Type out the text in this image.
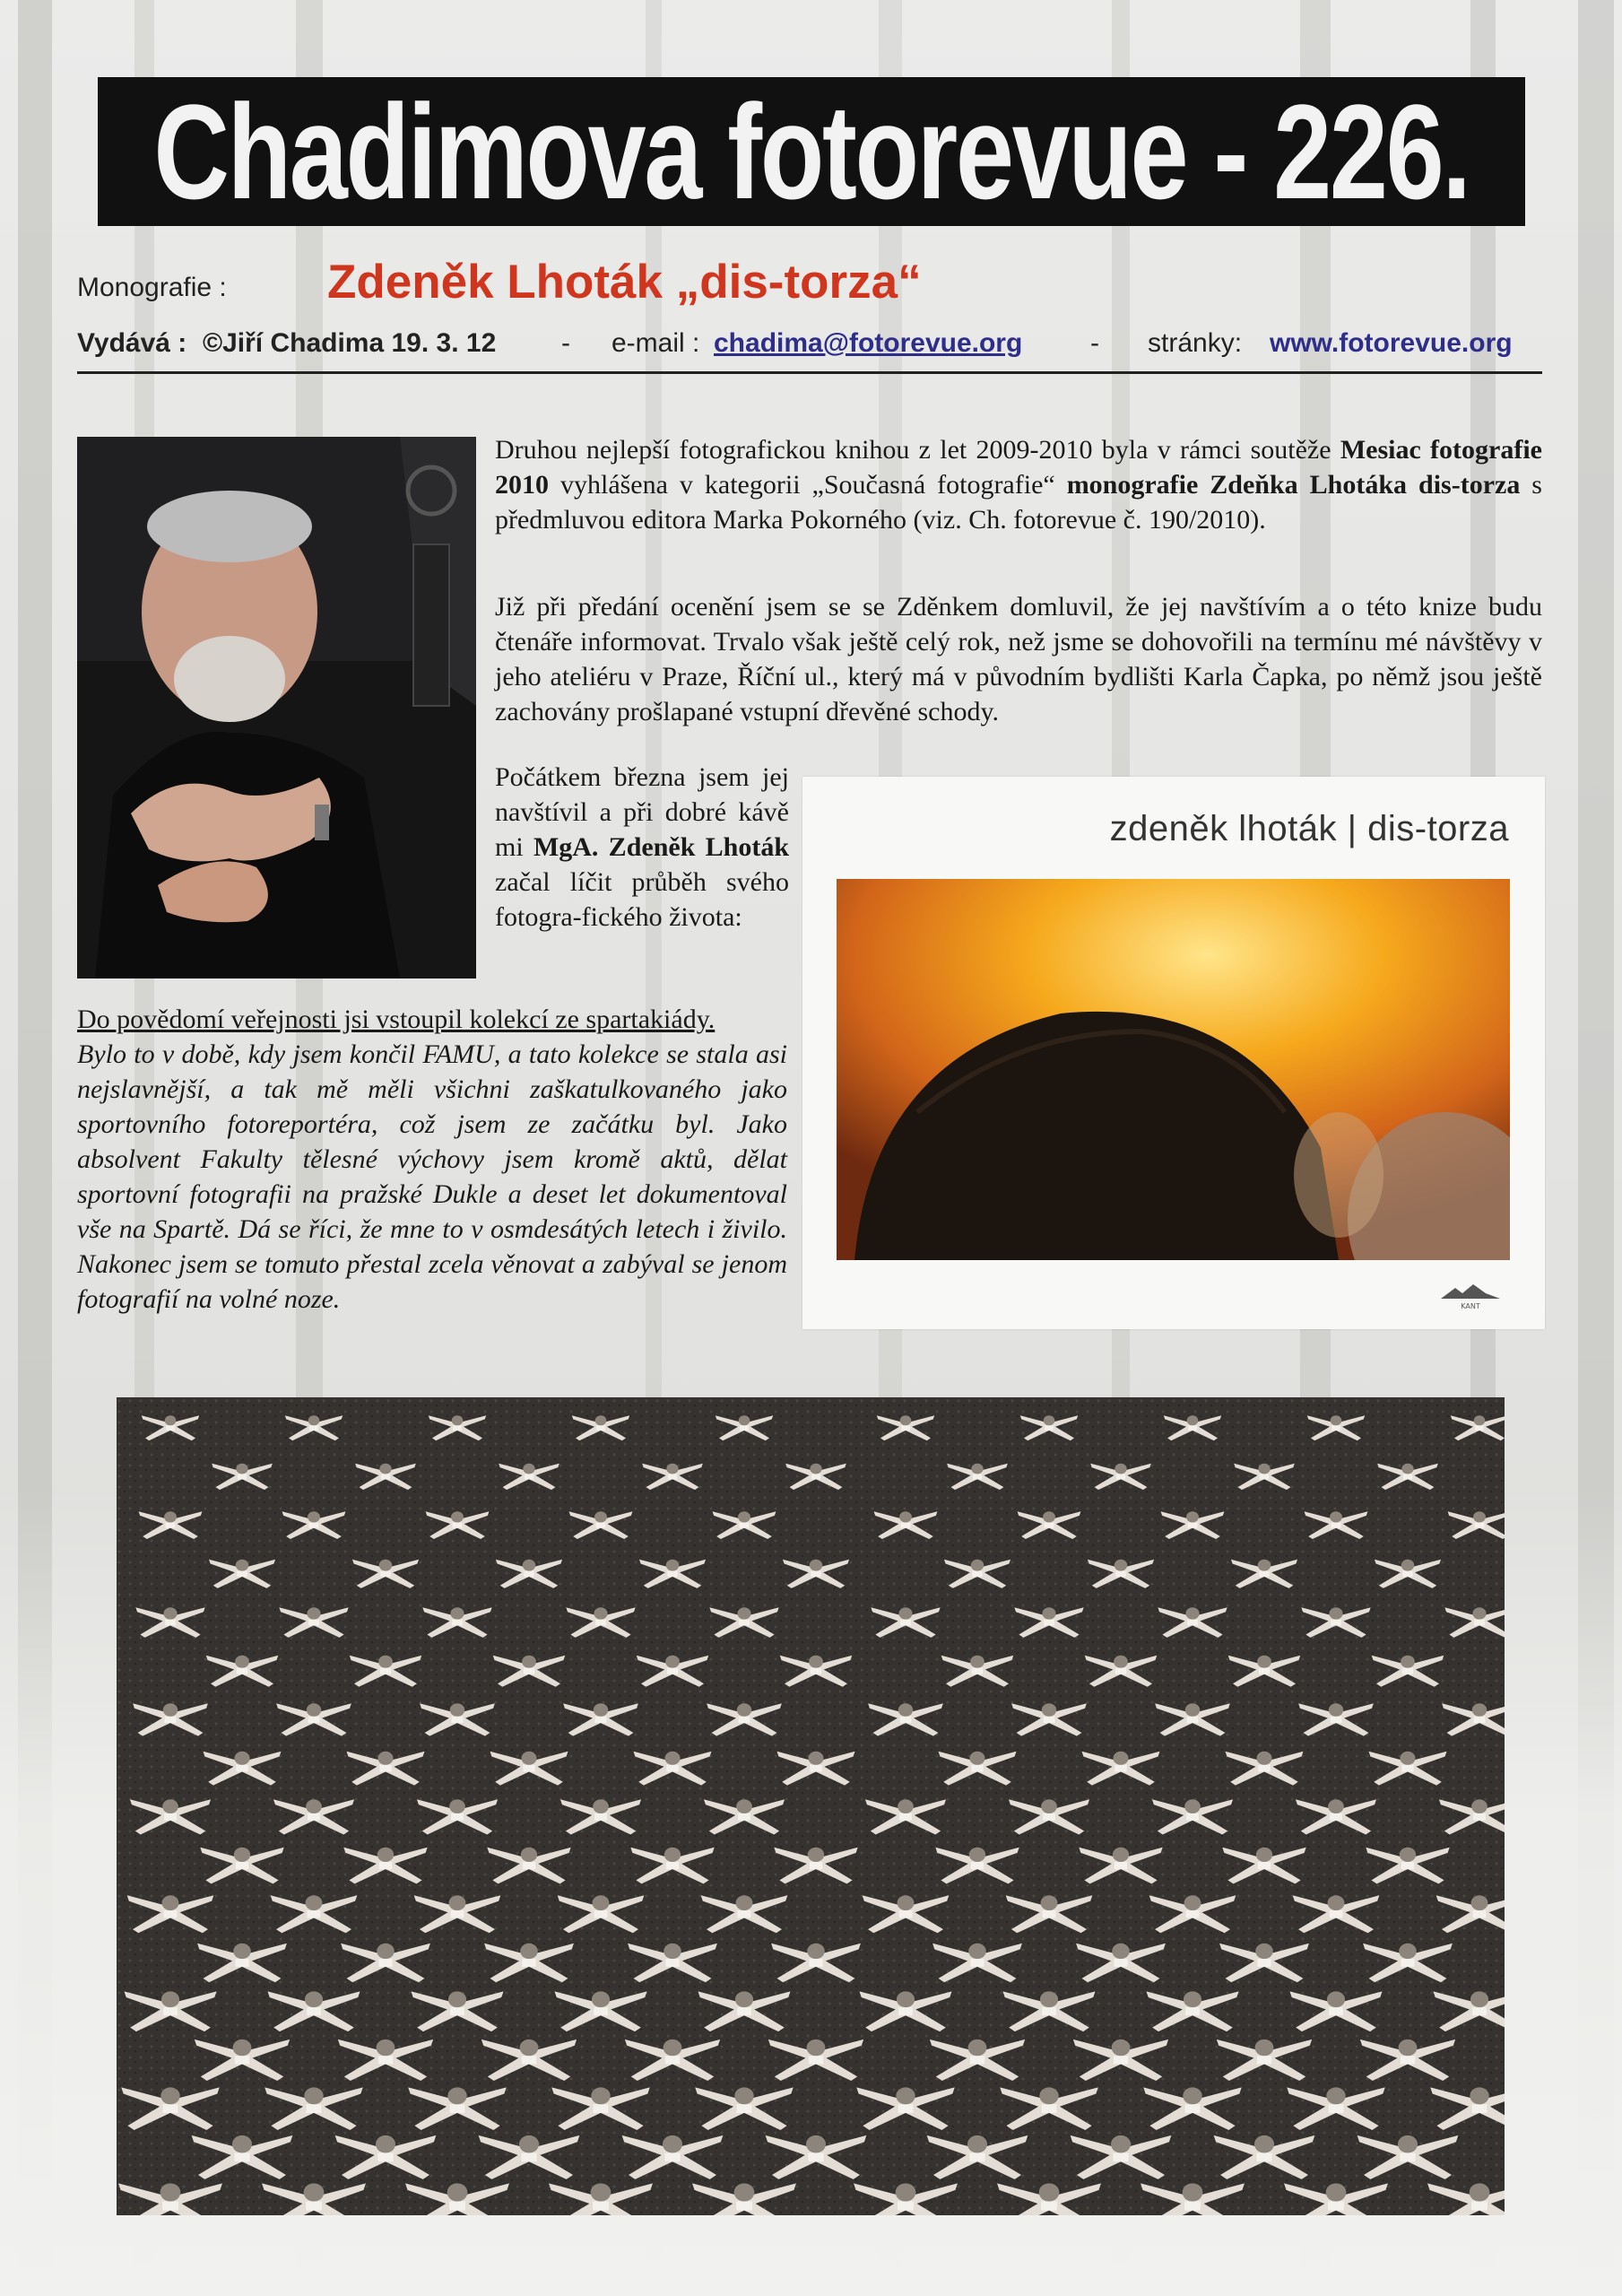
Chadimova fotorevue - 226.
Monografie : Zdeněk Lhoták „dis-torza“
Vydává : ©Jiří Chadima 19. 3. 12 - e-mail : chadima@fotorevue.org	- stránky: www.fotorevue.org

Druhou nejlepší fotografickou knihou z let 2009-2010 byla v rámci soutěže Mesiac fotografie 2010 vyhlášena v kategorii „Současná fotografie“ monografie Zdeňka Lhotáka dis-torza s předmluvou editora Marka Pokorného (viz. Ch. fotorevue č. 190/2010).

Již při předání ocenění jsem se se Zděnkem domluvil, že jej navštívím a o této knize budu čtenáře informovat. Trvalo však ještě celý rok, než jsme se dohovořili na termínu mé návštěvy v jeho ateliéru v Praze, Říční ul., který má v původním bydlišti Karla Čapka, po němž jsou ještě zachovány prošlapané vstupní dřevěné schody.

Počátkem března jsem jej navštívil a při dobré kávě mi MgA. Zdeněk Lhoták začal líčit průběh svého fotogra-fického života:

zdeněk lhoták | dis-torza
KANT

Do povědomí veřejnosti jsi vstoupil kolekcí ze spartakiády.
Bylo to v době, kdy jsem končil FAMU, a tato kolekce se stala asi nejslavnější, a tak mě měli všichni zaškatulkovaného jako sportovního fotoreportéra, což jsem ze začátku byl. Jako absolvent Fakulty tělesné výchovy jsem kromě aktů, dělat sportovní fotografii na pražské Dukle a deset let dokumentoval vše na Spartě. Dá se říci, že mne to v osmdesátých letech i živilo. Nakonec jsem se tomuto přestal zcela věnovat a zabýval se jenom fotografií na volné noze.
